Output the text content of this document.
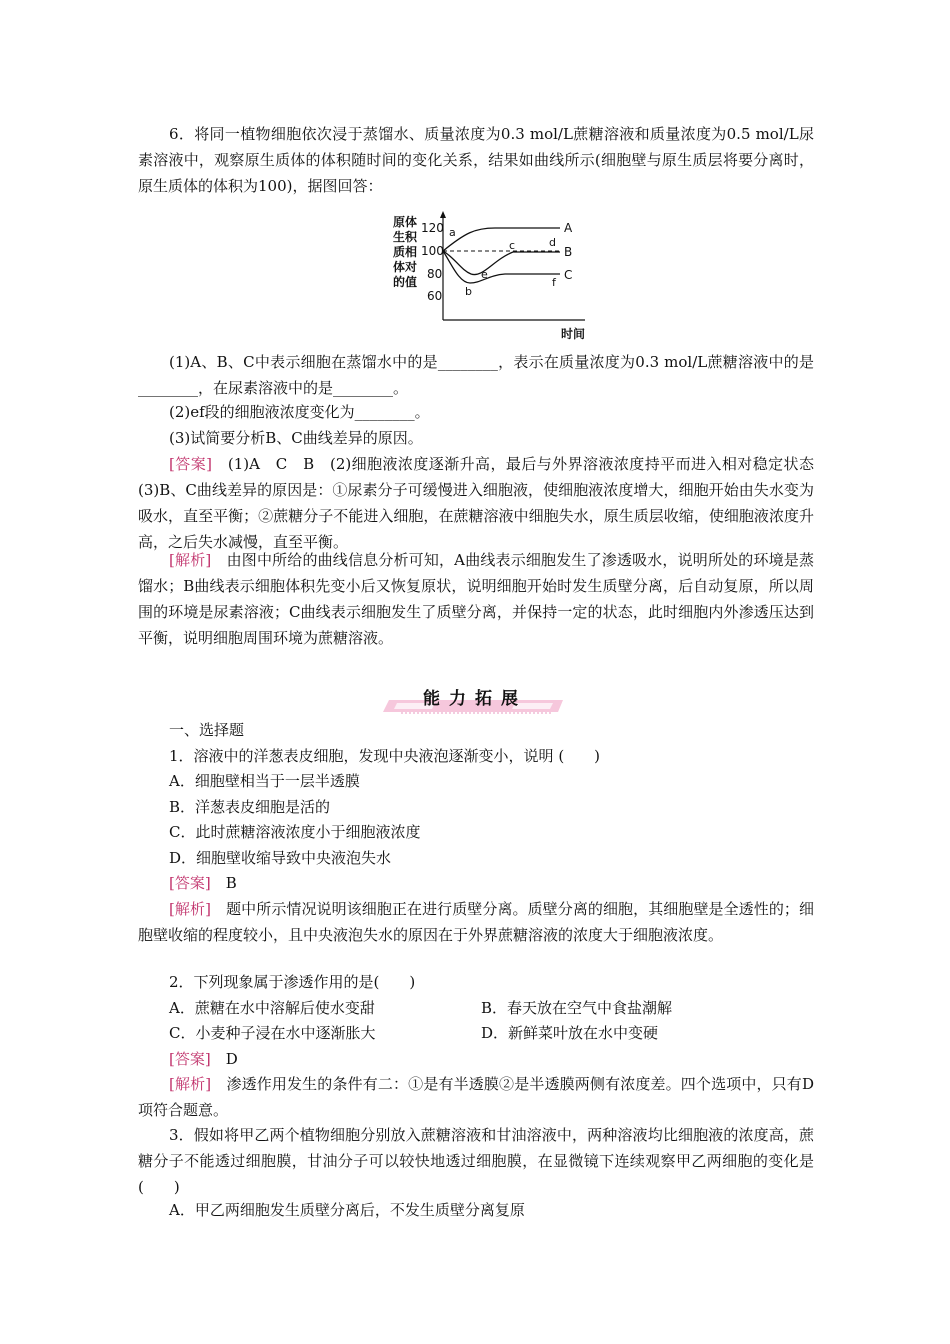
6．将同一植物细胞依次浸于蒸馏水、质量浓度为0.3 mol/L蔗糖溶液和质量浓度为0.5 mol/L尿素溶液中，观察原生质体的体积随时间的变化关系，结果如曲线所示(细胞壁与原生质层将要分离时，原生质体的体积为100)，据图回答：

原体
生积
质相
体对
的值
120
100
80
60
A
B
C
a
b
c	d
e
f
时间

(1)A、B、C中表示细胞在蒸馏水中的是________，表示在质量浓度为0.3 mol/L蔗糖溶液中的是________，在尿素溶液中的是________。

(2)ef段的细胞液浓度变化为________。
(3)试简要分析B、C曲线差异的原因。

[答案]　 (1)A　C　B　(2)细胞液浓度逐渐升高，最后与外界溶液浓度持平而进入相对稳定状态　(3)B、C曲线差异的原因是：①尿素分子可缓慢进入细胞液，使细胞液浓度增大，细胞开始由失水变为吸水，直至平衡；②蔗糖分子不能进入细胞，在蔗糖溶液中细胞失水，原生质层收缩，使细胞液浓度升高，之后失水减慢，直至平衡。

[解析]　 由图中所给的曲线信息分析可知，A曲线表示细胞发生了渗透吸水，说明所处的环境是蒸馏水；B曲线表示细胞体积先变小后又恢复原状，说明细胞开始时发生质壁分离，后自动复原，所以周围的环境是尿素溶液；C曲线表示细胞发生了质壁分离，并保持一定的状态，此时细胞内外渗透压达到平衡，说明细胞周围环境为蔗糖溶液。

能力拓展
一、选择题
1．溶液中的洋葱表皮细胞，发现中央液泡逐渐变小，说明 (　　)
A．细胞壁相当于一层半透膜
B．洋葱表皮细胞是活的
C．此时蔗糖溶液浓度小于细胞液浓度
D．细胞壁收缩导致中央液泡失水
[答案]　 B

[解析]　 题中所示情况说明该细胞正在进行质壁分离。质壁分离的细胞，其细胞壁是全透性的；细胞壁收缩的程度较小，且中央液泡失水的原因在于外界蔗糖溶液的浓度大于细胞液浓度。

2．下列现象属于渗透作用的是(　　)
A．蔗糖在水中溶解后使水变甜	B．春天放在空气中食盐潮解
C．小麦种子浸在水中逐渐胀大	D．新鲜菜叶放在水中变硬
[答案]　 D

[解析]　 渗透作用发生的条件有二：①是有半透膜②是半透膜两侧有浓度差。四个选项中，只有D项符合题意。

3．假如将甲乙两个植物细胞分别放入蔗糖溶液和甘油溶液中，两种溶液均比细胞液的浓度高，蔗糖分子不能透过细胞膜，甘油分子可以较快地透过细胞膜，在显微镜下连续观察甲乙两细胞的变化是(　　)

A．甲乙两细胞发生质壁分离后，不发生质壁分离复原
